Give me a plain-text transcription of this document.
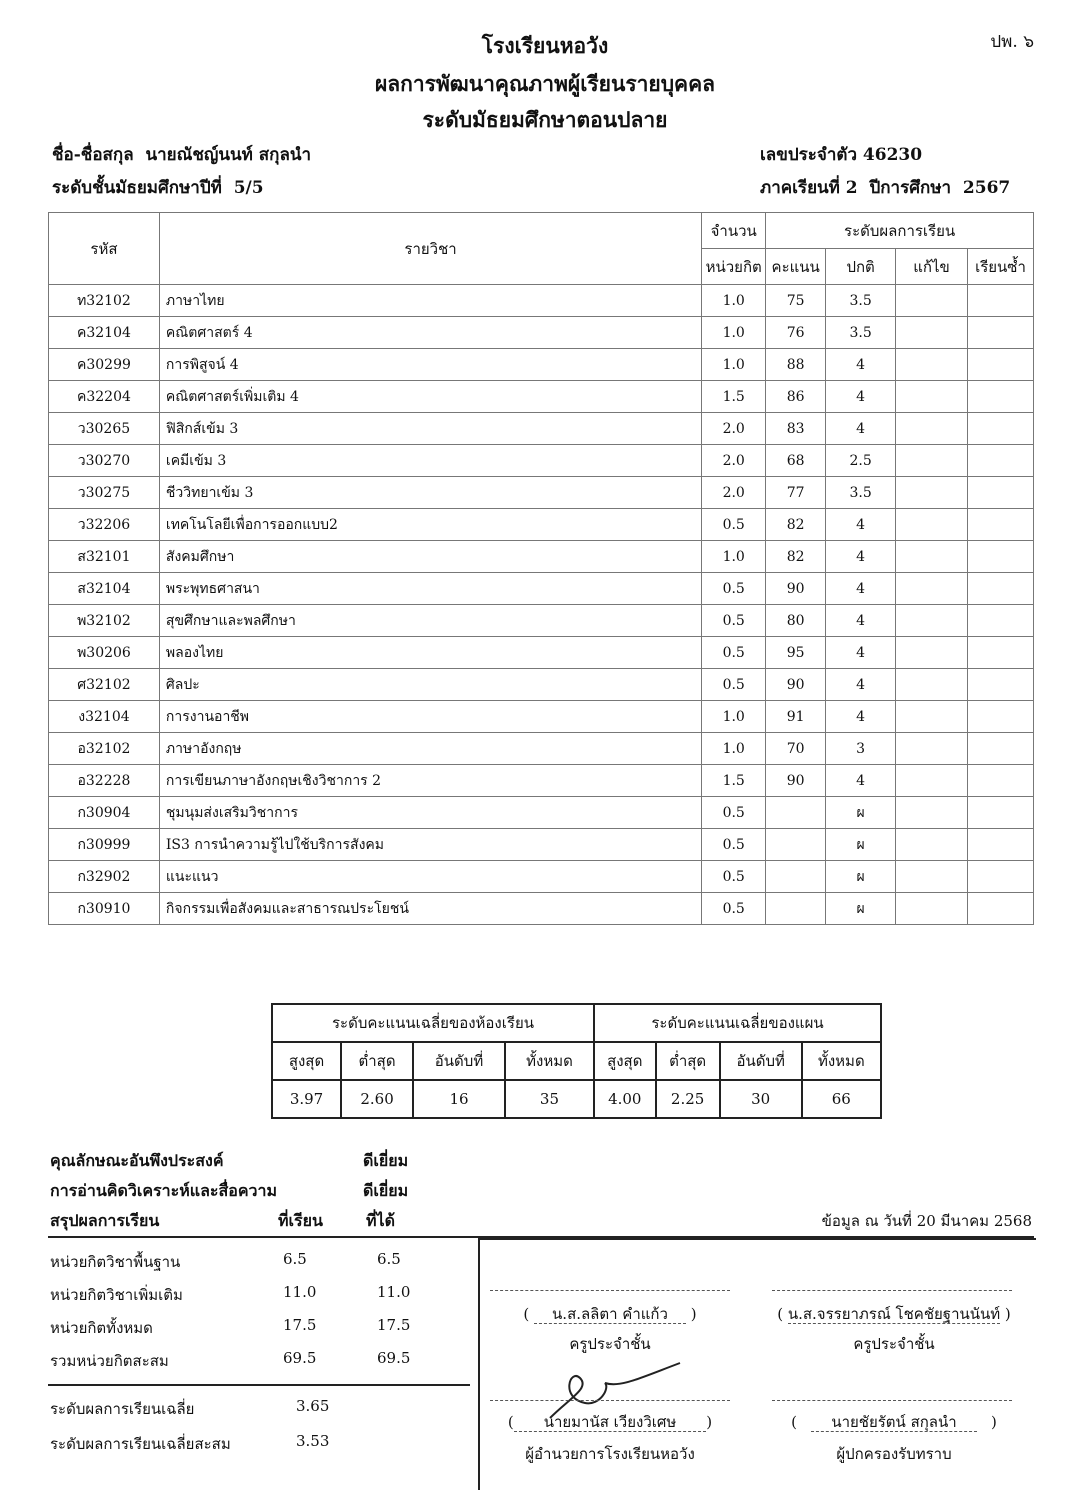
โรงเรียนหอวัง	ปพ. ๖
ผลการพัฒนาคุณภาพผู้เรียนรายบุคคล
ระดับมัธยมศึกษาตอนปลาย
ชื่อ-ชื่อสกุล นายณัชญ์นนท์ สกุลนำ
ระดับชั้นมัธยมศึกษาปีที่ 5/5
เลขประจำตัว 46230
ภาคเรียนที่ 2 ปีการศึกษา 2567
รหัส	รายวิชา	จำนวน	ระดับผลการเรียน			
		หน่วยกิต	คะแนน	ปกติ	แก้ไข	เรียนซ้ำ
ท32102	ภาษาไทย	1.0	75	3.5		
ค32104	คณิตศาสตร์ 4	1.0	76	3.5		
ค30299	การพิสูจน์ 4	1.0	88	4		
ค32204	คณิตศาสตร์เพิ่มเติม 4	1.5	86	4		
ว30265	ฟิสิกส์เข้ม 3	2.0	83	4		
ว30270	เคมีเข้ม 3	2.0	68	2.5		
ว30275	ชีววิทยาเข้ม 3	2.0	77	3.5		
ว32206	เทคโนโลยีเพื่อการออกแบบ2	0.5	82	4		
ส32101	สังคมศึกษา	1.0	82	4		
ส32104	พระพุทธศาสนา	0.5	90	4		
พ32102	สุขศึกษาและพลศึกษา	0.5	80	4		
พ30206	พลองไทย	0.5	95	4		
ศ32102	ศิลปะ	0.5	90	4		
ง32104	การงานอาชีพ	1.0	91	4		
อ32102	ภาษาอังกฤษ	1.0	70	3		
อ32228	การเขียนภาษาอังกฤษเชิงวิชาการ 2	1.5	90	4		
ก30904	ชุมนุมส่งเสริมวิชาการ	0.5		ผ		
ก30999	IS3 การนำความรู้ไปใช้บริการสังคม	0.5		ผ		
ก32902	แนะแนว	0.5		ผ		
ก30910	กิจกรรมเพื่อสังคมและสาธารณประโยชน์	0.5		ผ		
ระดับคะแนนเฉลี่ยของห้องเรียน				ระดับคะแนนเฉลี่ยของแผน			
สูงสุด	ต่ำสุด	อันดับที่	ทั้งหมด	สูงสุด	ต่ำสุด	อันดับที่	ทั้งหมด
3.97	2.60	16	35	4.00	2.25	30	66
คุณลักษณะอันพึงประสงค์	ดีเยี่ยม
การอ่านคิดวิเคราะห์และสื่อความ	ดีเยี่ยม
สรุปผลการเรียน	ที่เรียน	ที่ได้	ข้อมูล ณ วันที่ 20 มีนาคม 2568
หน่วยกิตวิชาพื้นฐาน	6.5	6.5
หน่วยกิตวิชาเพิ่มเติม	11.0	11.0
หน่วยกิตทั้งหมด	17.5	17.5
รวมหน่วยกิตสะสม	69.5	69.5
ระดับผลการเรียนเฉลี่ย	3.65
ระดับผลการเรียนเฉลี่ยสะสม	3.53
( น.ส.ลลิตา คำแก้ว )
ครูประจำชั้น
( น.ส.จรรยาภรณ์ โชคชัยฐานนันท์ )
ครูประจำชั้น
( นายมานัส เวียงวิเศษ )
ผู้อำนวยการโรงเรียนหอวัง
(   นายชัยรัตน์ สกุลนำ   )
ผู้ปกครองรับทราบ
